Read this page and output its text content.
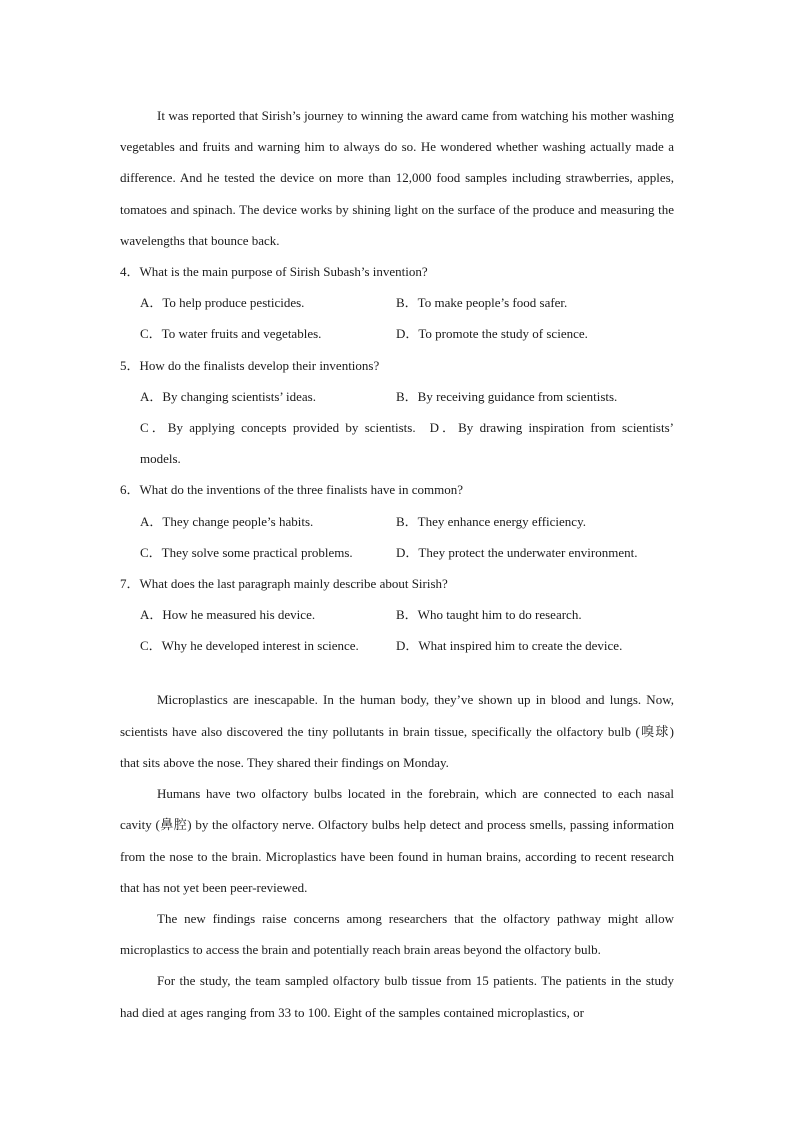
It was reported that Sirish’s journey to winning the award came from watching his mother washing vegetables and fruits and warning him to always do so. He wondered whether washing actually made a difference. And he tested the device on more than 12,000 food samples including strawberries, apples, tomatoes and spinach. The device works by shining light on the surface of the produce and measuring the wavelengths that bounce back.

4．What is the main purpose of Sirish Subash’s invention?
A．To help produce pesticides.	B．To make people’s food safer.
C．To water fruits and vegetables.	D．To promote the study of science.
5．How do the finalists develop their inventions?
A．By changing scientists’ ideas.	B．By receiving guidance from scientists.
C．By applying concepts provided by scientists. D．By drawing inspiration from scientists’ models.
6．What do the inventions of the three finalists have in common?
A．They change people’s habits.	B．They enhance energy efficiency.
C．They solve some practical problems.	D．They protect the underwater environment.
7．What does the last paragraph mainly describe about Sirish?
A．How he measured his device.	B．Who taught him to do research.
C．Why he developed interest in science.	D．What inspired him to create the device.

Microplastics are inescapable. In the human body, they’ve shown up in blood and lungs. Now, scientists have also discovered the tiny pollutants in brain tissue, specifically the olfactory bulb (嗅球) that sits above the nose. They shared their findings on Monday.

Humans have two olfactory bulbs located in the forebrain, which are connected to each nasal cavity (鼻腔) by the olfactory nerve. Olfactory bulbs help detect and process smells, passing information from the nose to the brain. Microplastics have been found in human brains, according to recent research that has not yet been peer-reviewed.

The new findings raise concerns among researchers that the olfactory pathway might allow microplastics to access the brain and potentially reach brain areas beyond the olfactory bulb.

For the study, the team sampled olfactory bulb tissue from 15 patients. The patients in the study had died at ages ranging from 33 to 100. Eight of the samples contained microplastics, or
